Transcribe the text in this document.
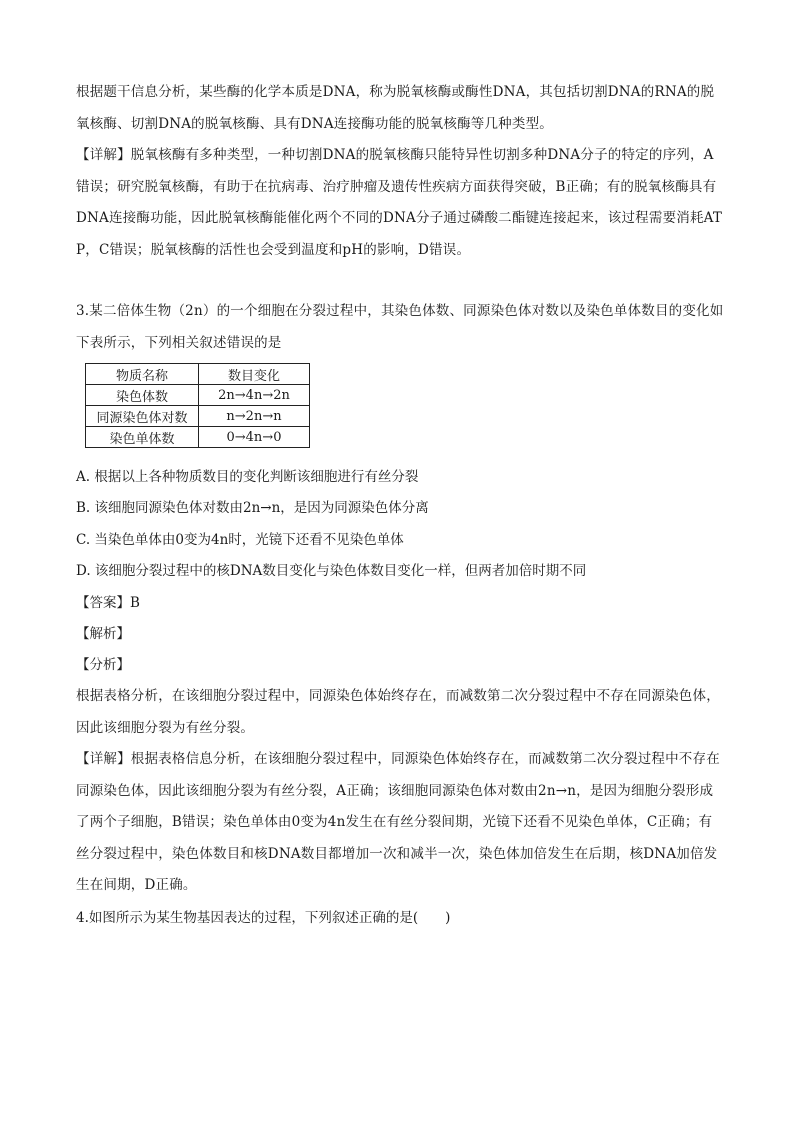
根据题干信息分析，某些酶的化学本质是DNA，称为脱氧核酶或酶性DNA，其包括切割DNA的RNA的脱氧核酶、切割DNA的脱氧核酶、具有DNA连接酶功能的脱氧核酶等几种类型。
【详解】脱氧核酶有多种类型，一种切割DNA的脱氧核酶只能特异性切割多种DNA分子的特定的序列，A错误；研究脱氧核酶，有助于在抗病毒、治疗肿瘤及遗传性疾病方面获得突破，B正确；有的脱氧核酶具有DNA连接酶功能，因此脱氧核酶能催化两个不同的DNA分子通过磷酸二酯键连接起来，该过程需要消耗ATP，C错误；脱氧核酶的活性也会受到温度和pH的影响，D错误。
3.某二倍体生物（2n）的一个细胞在分裂过程中，其染色体数、同源染色体对数以及染色单体数目的变化如下表所示，下列相关叙述错误的是
物质名称	数目变化
染色体数	2n→4n→2n
同源染色体对数	n→2n→n
染色单体数	0→4n→0
A. 根据以上各种物质数目的变化判断该细胞进行有丝分裂
B. 该细胞同源染色体对数由2n→n，是因为同源染色体分离
C. 当染色单体由0变为4n时，光镜下还看不见染色单体
D. 该细胞分裂过程中的核DNA数目变化与染色体数目变化一样，但两者加倍时期不同
【答案】B
【解析】
【分析】
根据表格分析，在该细胞分裂过程中，同源染色体始终存在，而减数第二次分裂过程中不存在同源染色体，因此该细胞分裂为有丝分裂。
【详解】根据表格信息分析，在该细胞分裂过程中，同源染色体始终存在，而减数第二次分裂过程中不存在同源染色体，因此该细胞分裂为有丝分裂，A正确；该细胞同源染色体对数由2n→n，是因为细胞分裂形成了两个子细胞，B错误；染色单体由0变为4n发生在有丝分裂间期，光镜下还看不见染色单体，C正确；有丝分裂过程中，染色体数目和核DNA数目都增加一次和减半一次，染色体加倍发生在后期，核DNA加倍发生在间期，D正确。
4.如图所示为某生物基因表达的过程，下列叙述正确的是(　　)
